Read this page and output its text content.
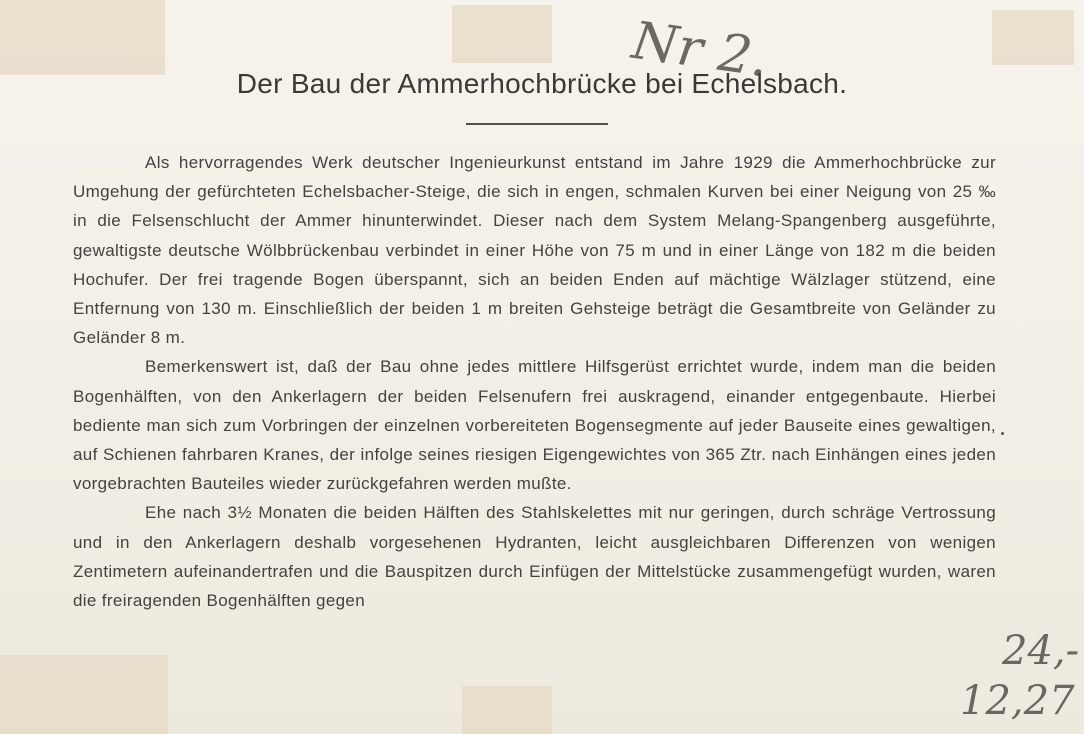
Nr 2.
Der Bau der Ammerhochbrücke bei Echelsbach.

Als hervorragendes Werk deutscher Ingenieurkunst entstand im Jahre 1929 die Ammerhochbrücke zur Umgehung der gefürchteten Echelsbacher-Steige, die sich in engen, schmalen Kurven bei einer Neigung von 25 ‰ in die Felsenschlucht der Ammer hinunterwindet. Dieser nach dem System Melang-Spangenberg ausgeführte, gewaltigste deutsche Wölbbrückenbau verbindet in einer Höhe von 75 m und in einer Länge von 182 m die beiden Hochufer. Der frei tragende Bogen überspannt, sich an beiden Enden auf mächtige Wälzlager stützend, eine Entfernung von 130 m. Einschließlich der beiden 1 m breiten Gehsteige beträgt die Gesamtbreite von Geländer zu Geländer 8 m.

Bemerkenswert ist, daß der Bau ohne jedes mittlere Hilfsgerüst errichtet wurde, indem man die beiden Bogenhälften, von den Ankerlagern der beiden Felsenufern frei auskragend, einander entgegenbaute. Hierbei bediente man sich zum Vorbringen der einzelnen vorbereiteten Bogensegmente auf jeder Bauseite eines gewaltigen, auf Schienen fahrbaren Kranes, der infolge seines riesigen Eigengewichtes von 365 Ztr. nach Einhängen eines jeden vorgebrachten Bauteiles wieder zurückgefahren werden mußte.

Ehe nach 3½ Monaten die beiden Hälften des Stahlskelettes mit nur geringen, durch schräge Vertrossung und in den Ankerlagern deshalb vorgesehenen Hydranten, leicht ausgleichbaren Differenzen von wenigen Zentimetern aufeinandertrafen und die Bauspitzen durch Einfügen der Mittelstücke zusammengefügt wurden, waren die freiragenden Bogenhälften gegen

24,-
12,27
